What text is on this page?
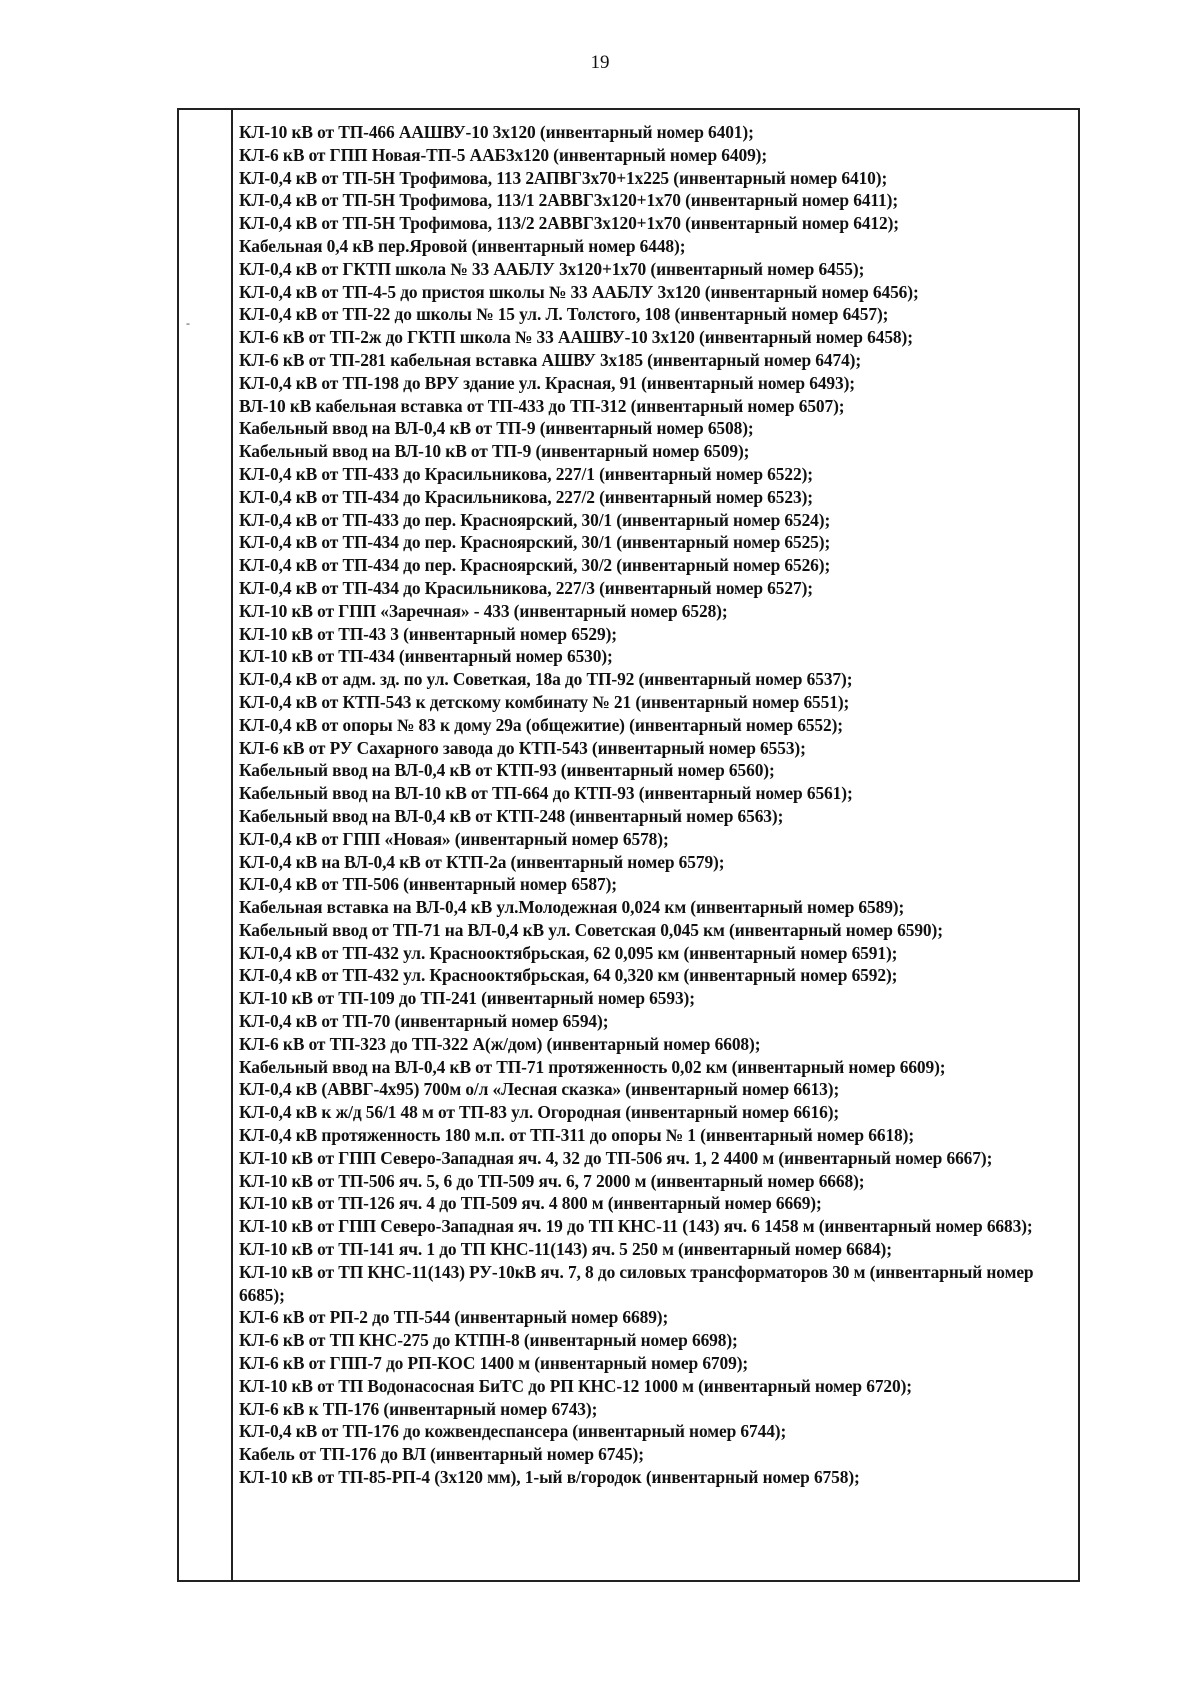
19
-
КЛ-10 кВ от ТП-466 ААШВУ-10 3х120 (инвентарный номер 6401);
КЛ-6 кВ от ГПП Новая-ТП-5 ААБ3х120 (инвентарный номер 6409);
КЛ-0,4 кВ от ТП-5Н Трофимова, 113 2АПВГ3х70+1х225 (инвентарный номер 6410);
КЛ-0,4 кВ от ТП-5Н Трофимова, 113/1 2АВВГ3х120+1х70 (инвентарный номер 6411);
КЛ-0,4 кВ от ТП-5Н Трофимова, 113/2 2АВВГ3х120+1х70 (инвентарный номер 6412);
Кабельная 0,4 кВ пер.Яровой (инвентарный номер 6448);
КЛ-0,4 кВ от ГКТП школа № 33 ААБЛУ 3х120+1х70 (инвентарный номер 6455);
КЛ-0,4 кВ от ТП-4-5 до пристоя школы № 33 ААБЛУ 3х120 (инвентарный номер 6456);
КЛ-0,4 кВ от ТП-22 до школы № 15 ул. Л. Толстого, 108 (инвентарный номер 6457);
КЛ-6 кВ от ТП-2ж до ГКТП школа № 33 ААШВУ-10 3х120 (инвентарный номер 6458);
КЛ-6 кВ от ТП-281 кабельная вставка АШВУ 3х185 (инвентарный номер 6474);
КЛ-0,4 кВ от ТП-198 до ВРУ здание ул. Красная, 91 (инвентарный номер 6493);
ВЛ-10 кВ кабельная вставка от ТП-433 до ТП-312 (инвентарный номер 6507);
Кабельный ввод на ВЛ-0,4 кВ от ТП-9 (инвентарный номер 6508);
Кабельный ввод на ВЛ-10 кВ от ТП-9 (инвентарный номер 6509);
КЛ-0,4 кВ от ТП-433 до Красильникова, 227/1 (инвентарный номер 6522);
КЛ-0,4 кВ от ТП-434 до Красильникова, 227/2 (инвентарный номер 6523);
КЛ-0,4 кВ от ТП-433 до пер. Красноярский, 30/1 (инвентарный номер 6524);
КЛ-0,4 кВ от ТП-434 до пер. Красноярский, 30/1 (инвентарный номер 6525);
КЛ-0,4 кВ от ТП-434 до пер. Красноярский, 30/2 (инвентарный номер 6526);
КЛ-0,4 кВ от ТП-434 до Красильникова, 227/3 (инвентарный номер 6527);
КЛ-10 кВ от ГПП «Заречная» - 433 (инвентарный номер 6528);
КЛ-10 кВ от ТП-43 3 (инвентарный номер 6529);
КЛ-10 кВ от ТП-434 (инвентарный номер 6530);
КЛ-0,4 кВ от адм. зд. по ул. Советкая, 18а до ТП-92 (инвентарный номер 6537);
КЛ-0,4 кВ от КТП-543 к детскому комбинату № 21 (инвентарный номер 6551);
КЛ-0,4 кВ от опоры № 83 к дому 29а (общежитие) (инвентарный номер 6552);
КЛ-6 кВ от РУ Сахарного завода до КТП-543 (инвентарный номер 6553);
Кабельный ввод на ВЛ-0,4 кВ от КТП-93 (инвентарный номер 6560);
Кабельный ввод на ВЛ-10 кВ от ТП-664 до КТП-93 (инвентарный номер 6561);
Кабельный ввод на ВЛ-0,4 кВ от КТП-248 (инвентарный номер 6563);
КЛ-0,4 кВ от ГПП «Новая» (инвентарный номер 6578);
КЛ-0,4 кВ на ВЛ-0,4 кВ от КТП-2а (инвентарный номер 6579);
КЛ-0,4 кВ от ТП-506 (инвентарный номер 6587);
Кабельная вставка на ВЛ-0,4 кВ ул.Молодежная 0,024 км (инвентарный номер 6589);
Кабельный ввод от ТП-71 на ВЛ-0,4 кВ ул. Советская 0,045 км (инвентарный номер 6590);
КЛ-0,4 кВ от ТП-432 ул. Краснооктябрьская, 62 0,095 км (инвентарный номер 6591);
КЛ-0,4 кВ от ТП-432 ул. Краснооктябрьская, 64 0,320 км (инвентарный номер 6592);
КЛ-10 кВ от ТП-109 до ТП-241 (инвентарный номер 6593);
КЛ-0,4 кВ от ТП-70 (инвентарный номер 6594);
КЛ-6 кВ от ТП-323 до ТП-322 А(ж/дом) (инвентарный номер 6608);
Кабельный ввод на ВЛ-0,4 кВ от ТП-71 протяженность 0,02 км (инвентарный номер 6609);
КЛ-0,4 кВ (АВВГ-4х95) 700м о/л «Лесная сказка» (инвентарный номер 6613);
КЛ-0,4 кВ к ж/д 56/1 48 м от ТП-83 ул. Огородная (инвентарный номер 6616);
КЛ-0,4 кВ протяженность 180 м.п. от ТП-311 до опоры № 1 (инвентарный номер 6618);
КЛ-10 кВ от ГПП Северо-Западная яч. 4, 32 до ТП-506 яч. 1, 2 4400 м (инвентарный номер 6667);
КЛ-10 кВ от ТП-506 яч. 5, 6 до ТП-509 яч. 6, 7 2000 м (инвентарный номер 6668);
КЛ-10 кВ от ТП-126 яч. 4 до ТП-509 яч. 4 800 м (инвентарный номер 6669);
КЛ-10 кВ от ГПП Северо-Западная яч. 19 до ТП КНС-11 (143) яч. 6 1458 м (инвентарный номер 6683);
КЛ-10 кВ от ТП-141 яч. 1 до ТП КНС-11(143) яч. 5 250 м (инвентарный номер 6684);
КЛ-10 кВ от ТП КНС-11(143) РУ-10кВ яч. 7, 8 до силовых трансформаторов 30 м (инвентарный номер 6685);
КЛ-6 кВ от РП-2 до ТП-544 (инвентарный номер 6689);
КЛ-6 кВ от ТП КНС-275 до КТПН-8 (инвентарный номер 6698);
КЛ-6 кВ от ГПП-7 до РП-КОС 1400 м (инвентарный номер 6709);
КЛ-10 кВ от ТП Водонасосная БиТС до РП КНС-12 1000 м (инвентарный номер 6720);
КЛ-6 кВ к ТП-176 (инвентарный номер 6743);
КЛ-0,4 кВ от ТП-176 до кожвендеспансера (инвентарный номер 6744);
Кабель от ТП-176 до ВЛ (инвентарный номер 6745);
КЛ-10 кВ от ТП-85-РП-4 (3х120 мм), 1-ый в/городок (инвентарный номер 6758);
